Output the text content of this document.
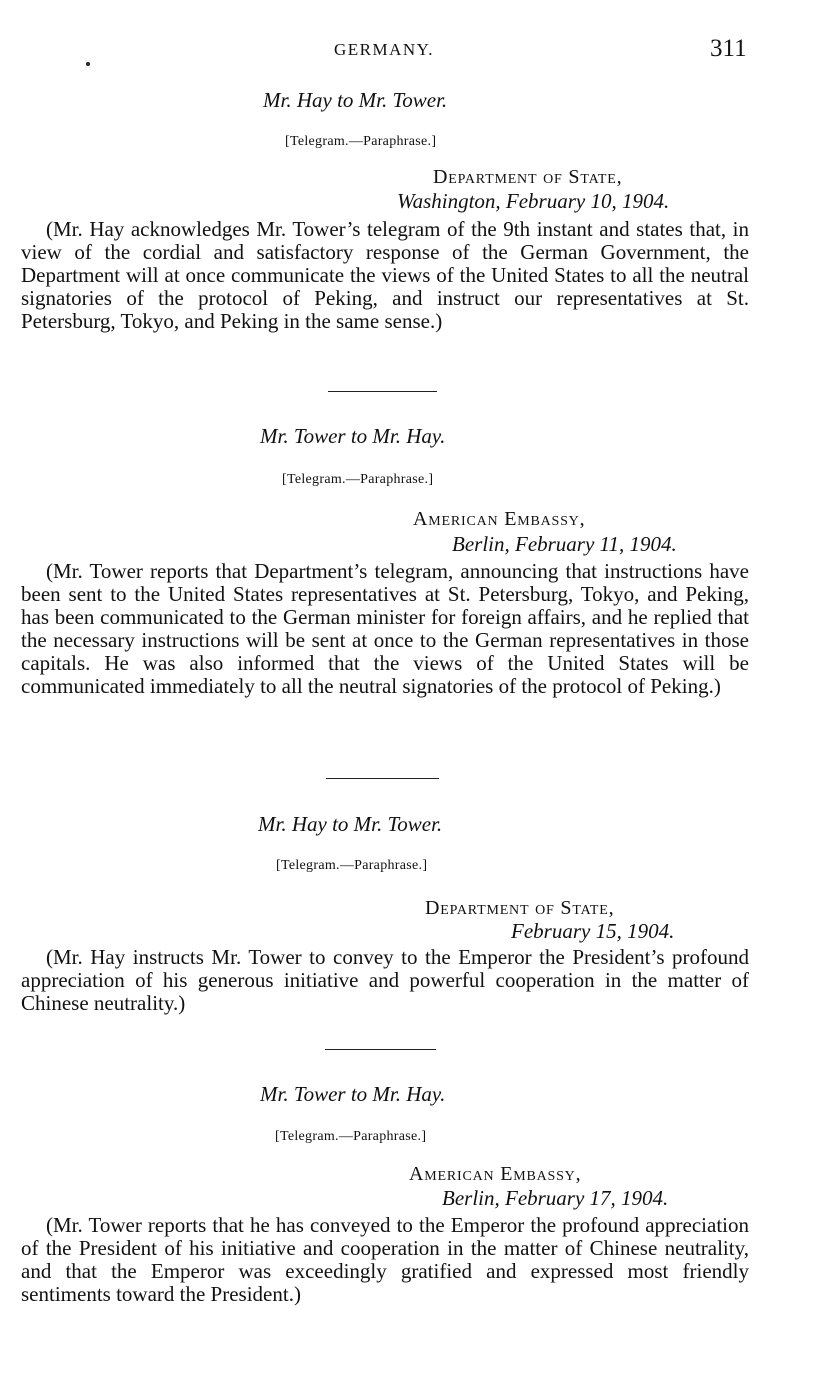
GERMANY.	311
Mr. Hay to Mr. Tower.
[Telegram.—Paraphrase.]
Department of State,
Washington, February 10, 1904.

(Mr. Hay acknowledges Mr. Tower’s telegram of the 9th instant and states that, in view of the cordial and satisfactory response of the German Government, the Department will at once communicate the views of the United States to all the neutral signatories of the protocol of Peking, and instruct our representatives at St. Petersburg, Tokyo, and Peking in the same sense.)

Mr. Tower to Mr. Hay.
[Telegram.—Paraphrase.]
American Embassy,
Berlin, February 11, 1904.

(Mr. Tower reports that Department’s telegram, announcing that instructions have been sent to the United States representatives at St. Petersburg, Tokyo, and Peking, has been communicated to the German minister for foreign affairs, and he replied that the necessary instructions will be sent at once to the German representatives in those capitals. He was also informed that the views of the United States will be communicated immediately to all the neutral signatories of the protocol of Peking.)

Mr. Hay to Mr. Tower.
[Telegram.—Paraphrase.]
Department of State,
February 15, 1904.

(Mr. Hay instructs Mr. Tower to convey to the Emperor the President’s profound appreciation of his generous initiative and powerful cooperation in the matter of Chinese neutrality.)

Mr. Tower to Mr. Hay.
[Telegram.—Paraphrase.]
American Embassy,
Berlin, February 17, 1904.

(Mr. Tower reports that he has conveyed to the Emperor the profound appreciation of the President of his initiative and cooperation in the matter of Chinese neutrality, and that the Emperor was exceedingly gratified and expressed most friendly sentiments toward the President.)
